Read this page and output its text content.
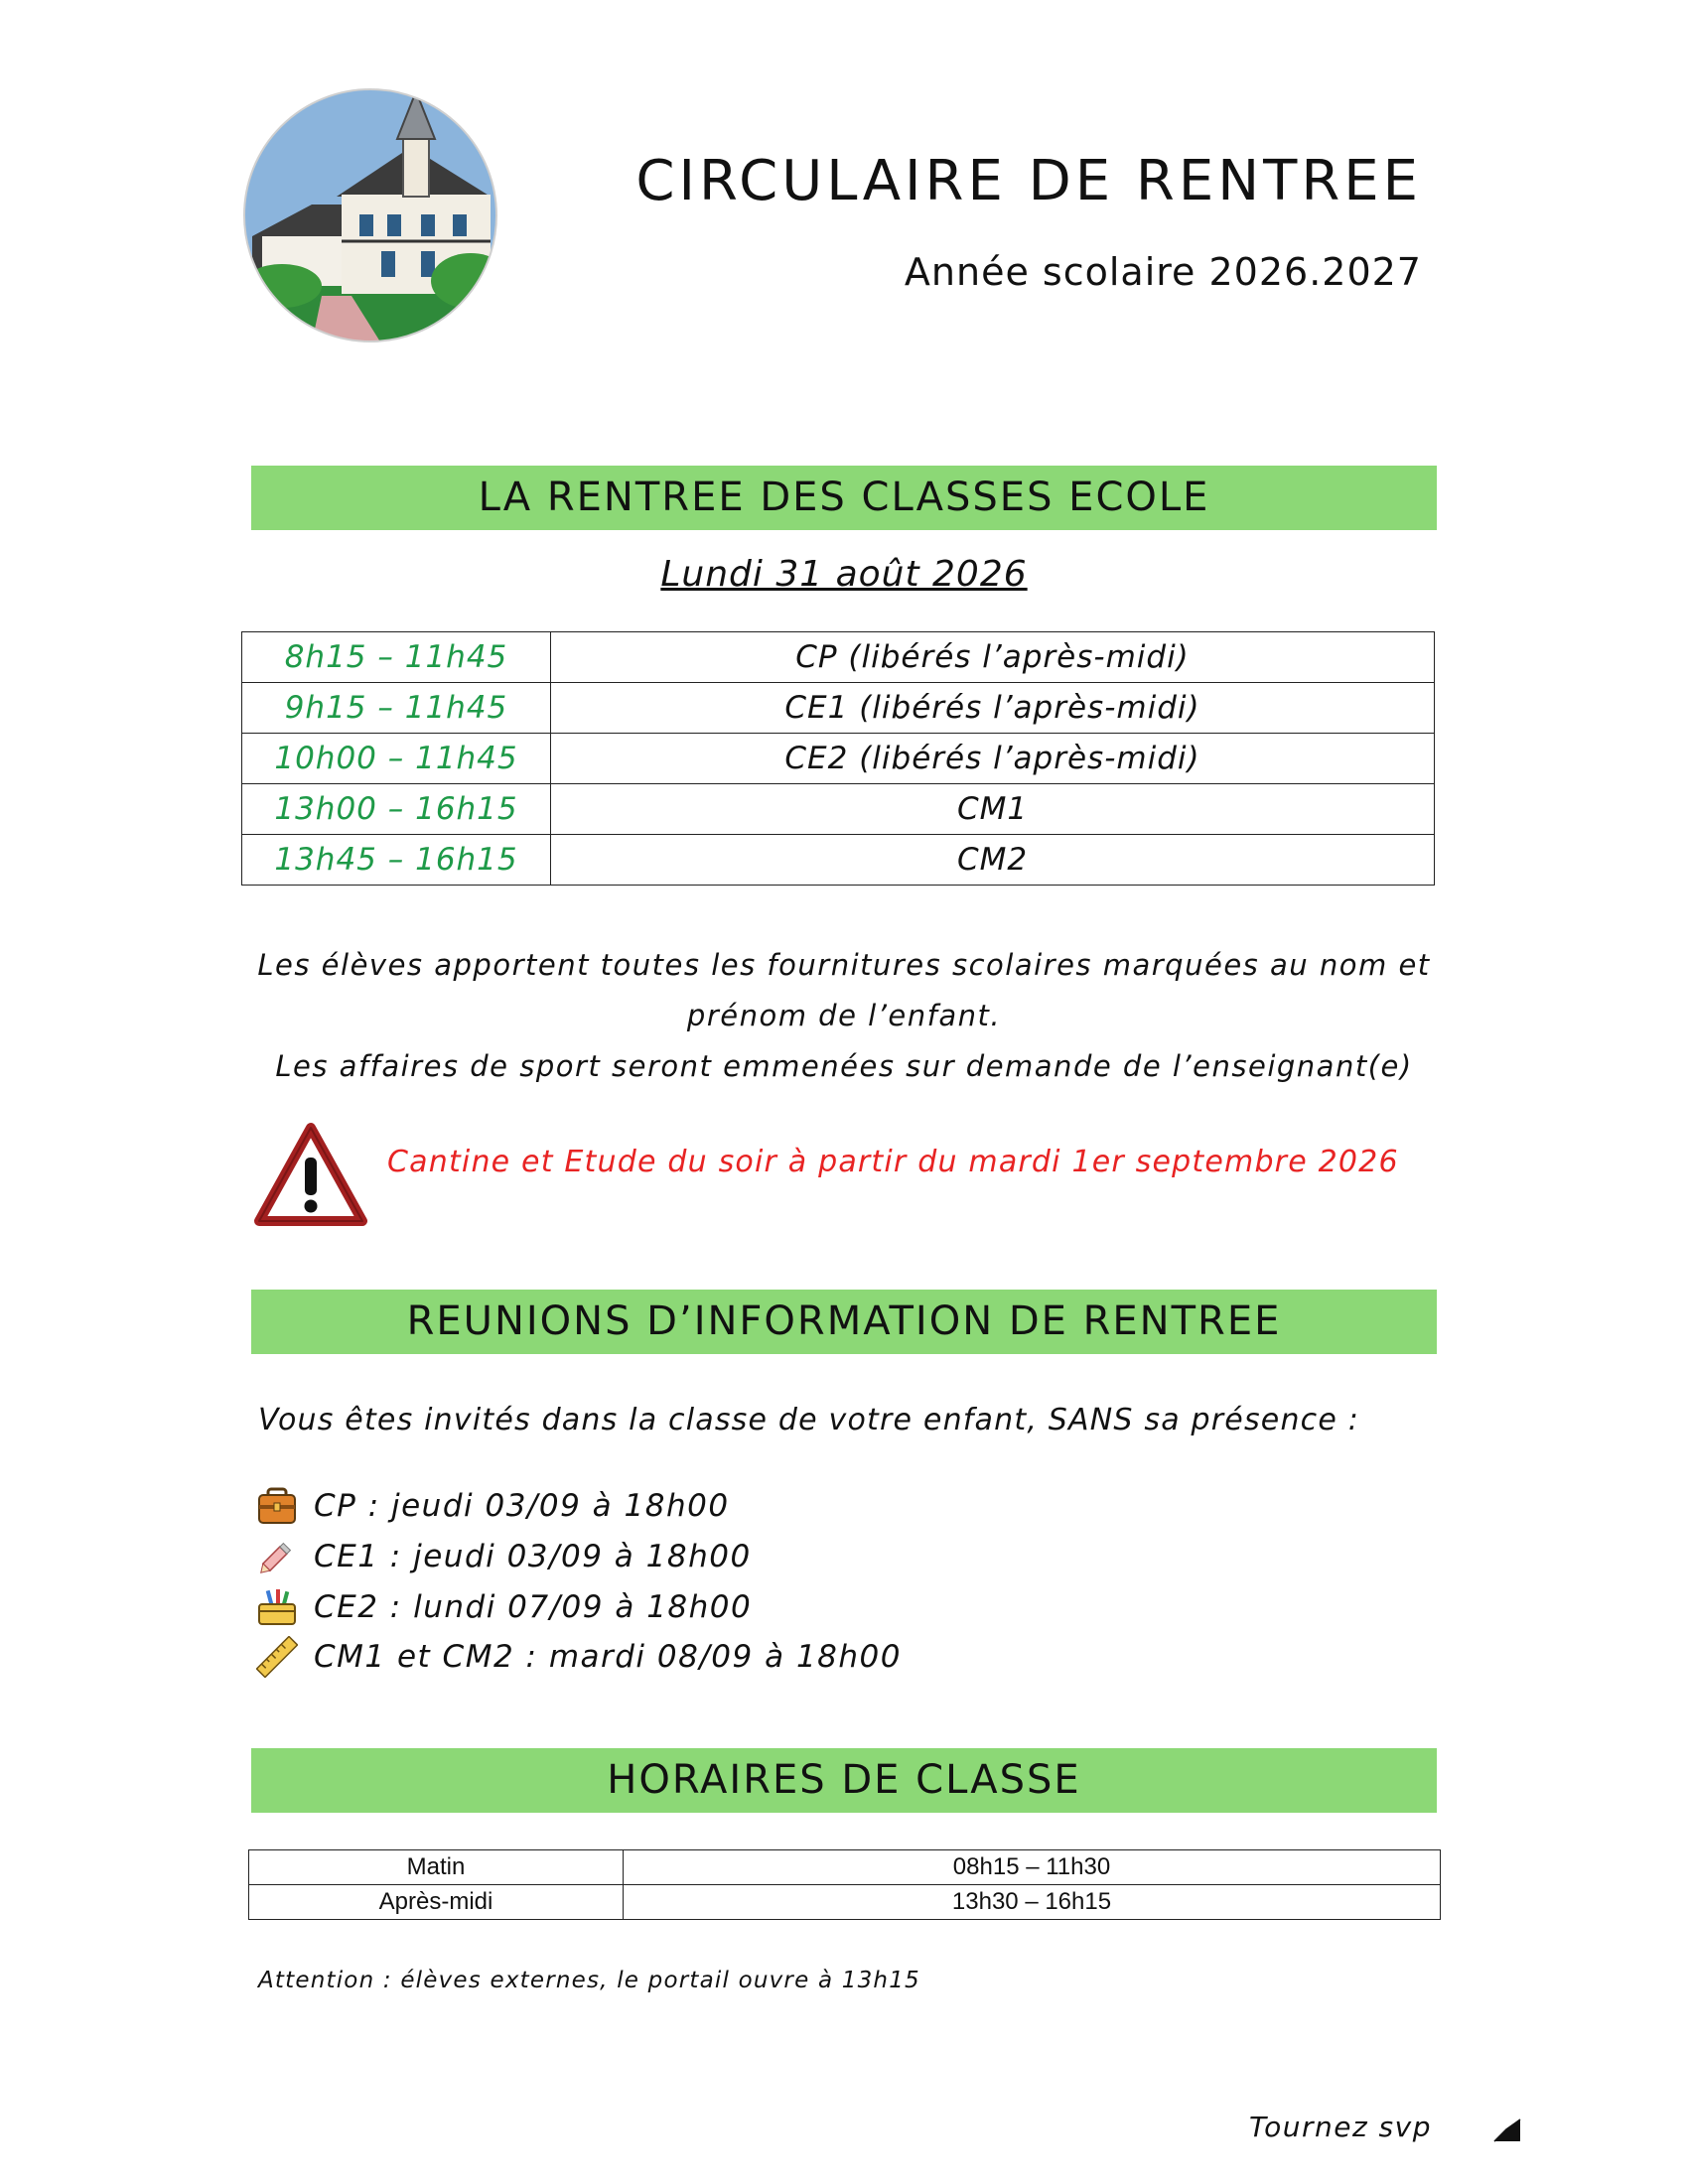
CIRCULAIRE DE RENTREE
Année scolaire 2026.2027
LA RENTREE DES CLASSES ECOLE
Lundi 31 août 2026
8h15 – 11h45	CP (libérés l’après-midi)
9h15 – 11h45	CE1 (libérés l’après-midi)
10h00 – 11h45	CE2 (libérés l’après-midi)
13h00 – 16h15	CM1
13h45 – 16h15	CM2
Les élèves apportent toutes les fournitures scolaires marquées au nom et
prénom de l’enfant.
Les affaires de sport seront emmenées sur demande de l’enseignant(e)
Cantine et Etude du soir à partir du mardi 1er septembre 2026
REUNIONS D’INFORMATION DE RENTREE
Vous êtes invités dans la classe de votre enfant, SANS sa présence :
CP : jeudi 03/09 à 18h00
CE1 : jeudi 03/09 à 18h00
CE2 : lundi 07/09 à 18h00
CM1 et CM2 : mardi 08/09 à 18h00
HORAIRES DE CLASSE
Matin	08h15 – 11h30
Après-midi	13h30 – 16h15
Attention : élèves externes, le portail ouvre à 13h15
Tournez svp
